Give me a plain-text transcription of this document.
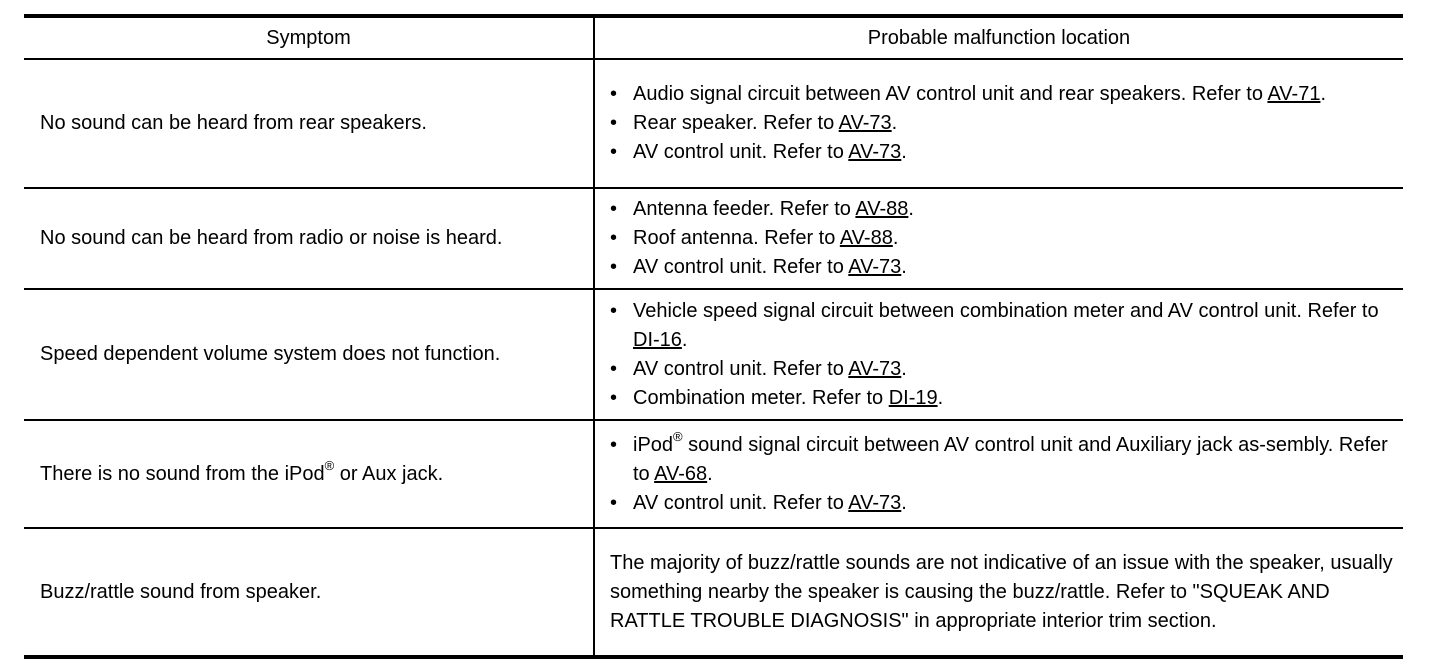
Symptom	Probable malfunction location
No sound can be heard from rear speakers.
• Audio signal circuit between AV control unit and rear speakers. Refer to AV-71.
• Rear speaker. Refer to AV-73.
• AV control unit. Refer to AV-73.
No sound can be heard from radio or noise is heard.
• Antenna feeder. Refer to AV-88.
• Roof antenna. Refer to AV-88.
• AV control unit. Refer to AV-73.
Speed dependent volume system does not function.
• Vehicle speed signal circuit between combination meter and AV control unit. Refer to DI-16.
• AV control unit. Refer to AV-73.
• Combination meter. Refer to DI-19.
There is no sound from the iPod® or Aux jack.
• iPod® sound signal circuit between AV control unit and Auxiliary jack as-sembly. Refer to AV-68.
• AV control unit. Refer to AV-73.
Buzz/rattle sound from speaker.

The majority of buzz/rattle sounds are not indicative of an issue with the speaker, usually something nearby the speaker is causing the buzz/rattle. Refer to "SQUEAK AND RATTLE TROUBLE DIAGNOSIS" in appropriate interior trim section.
